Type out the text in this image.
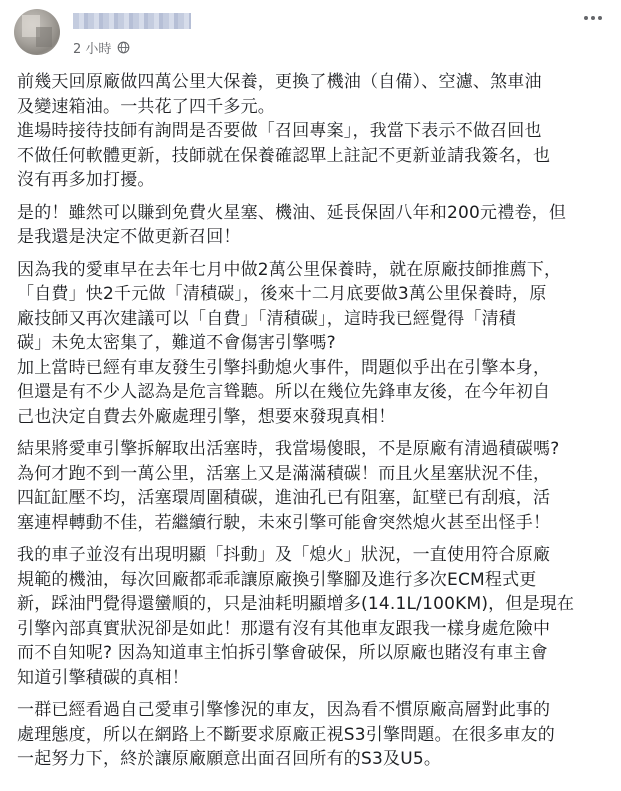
2 小時

前幾天回原廠做四萬公里大保養，更換了機油（自備）、空濾、煞車油
及變速箱油。一共花了四千多元。
進場時接待技師有詢問是否要做「召回專案」，我當下表示不做召回也
不做任何軟體更新，技師就在保養確認單上註記不更新並請我簽名，也
沒有再多加打擾。

是的！雖然可以賺到免費火星塞、機油、延長保固八年和200元禮卷，但
是我還是決定不做更新召回！

因為我的愛車早在去年七月中做2萬公里保養時，就在原廠技師推薦下，
「自費」快2千元做「清積碳」，後來十二月底要做3萬公里保養時，原
廠技師又再次建議可以「自費」「清積碳」，這時我已經覺得「清積
碳」未免太密集了，難道不會傷害引擎嗎?
加上當時已經有車友發生引擎抖動熄火事件，問題似乎出在引擎本身，
但還是有不少人認為是危言聳聽。所以在幾位先鋒車友後，在今年初自
己也決定自費去外廠處理引擎，想要來發現真相！

結果將愛車引擎拆解取出活塞時，我當場傻眼，不是原廠有清過積碳嗎?
為何才跑不到一萬公里，活塞上又是滿滿積碳！而且火星塞狀況不佳，
四缸缸壓不均，活塞環周圍積碳，進油孔已有阻塞，缸壁已有刮痕，活
塞連桿轉動不佳，若繼續行駛，未來引擎可能會突然熄火甚至出怪手！

我的車子並沒有出現明顯「抖動」及「熄火」狀況，一直使用符合原廠
規範的機油，每次回廠都乖乖讓原廠換引擎腳及進行多次ECM程式更
新，踩油門覺得還蠻順的，只是油耗明顯增多(14.1L/100KM)，但是現在
引擎內部真實狀況卻是如此！那還有沒有其他車友跟我一樣身處危險中
而不自知呢? 因為知道車主怕拆引擎會破保，所以原廠也賭沒有車主會
知道引擎積碳的真相！

一群已經看過自己愛車引擎慘況的車友，因為看不慣原廠高層對此事的
處理態度，所以在網路上不斷要求原廠正視S3引擎問題。在很多車友的
一起努力下，終於讓原廠願意出面召回所有的S3及U5。
